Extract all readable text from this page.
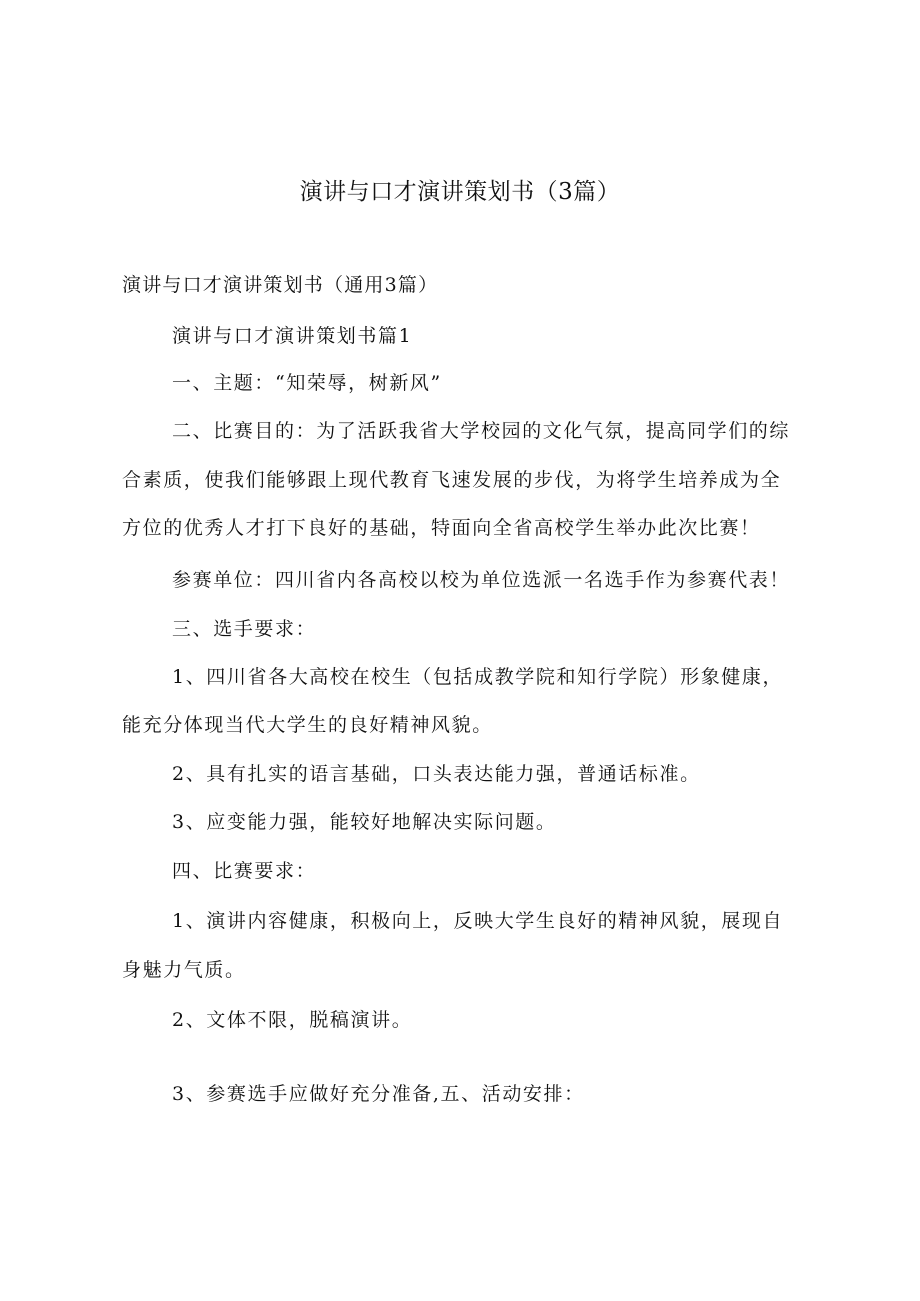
演讲与口才演讲策划书（3篇）
演讲与口才演讲策划书（通用3篇）
演讲与口才演讲策划书篇1
一、主题：“知荣辱，树新风”
二、比赛目的：为了活跃我省大学校园的文化气氛，提高同学们的综
合素质，使我们能够跟上现代教育飞速发展的步伐，为将学生培养成为全
方位的优秀人才打下良好的基础，特面向全省高校学生举办此次比赛！
参赛单位：四川省内各高校以校为单位选派一名选手作为参赛代表！
三、选手要求：
1、四川省各大高校在校生（包括成教学院和知行学院）形象健康，
能充分体现当代大学生的良好精神风貌。
2、具有扎实的语言基础，口头表达能力强，普通话标准。
3、应变能力强，能较好地解决实际问题。
四、比赛要求：
1、演讲内容健康，积极向上，反映大学生良好的精神风貌，展现自
身魅力气质。
2、文体不限，脱稿演讲。
3、参赛选手应做好充分准备,五、活动安排：
